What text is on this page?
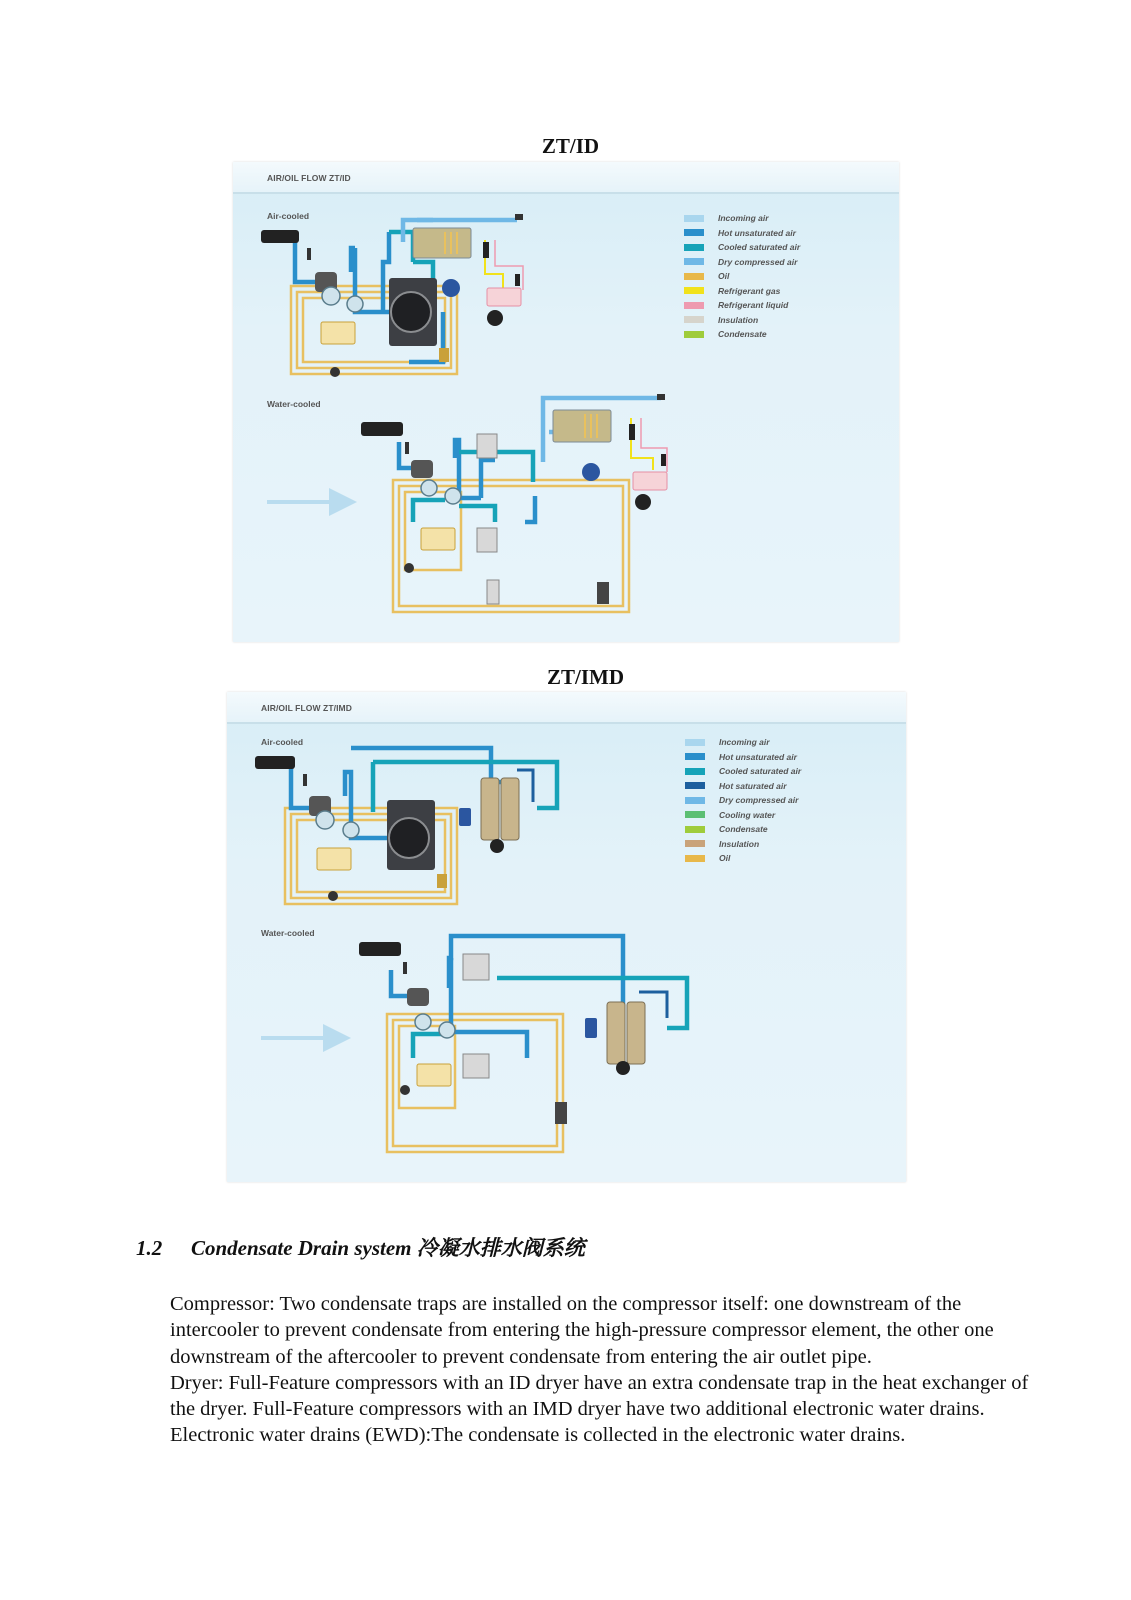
ZT/ID
AIR/OIL FLOW ZT/ID
Air-cooled
Water-cooled
Incoming air
Hot unsaturated air
Cooled saturated air
Dry compressed air
Oil
Refrigerant gas
Refrigerant liquid
Insulation
Condensate
ZT/IMD
AIR/OIL FLOW ZT/IMD
Air-cooled
Water-cooled
Incoming air
Hot unsaturated air
Cooled saturated air
Hot saturated air
Dry compressed air
Cooling water
Condensate
Insulation
Oil
1.2 Condensate Drain system 冷凝水排水阀系统

Compressor: Two condensate traps are installed on the compressor itself: one downstream of the intercooler to prevent condensate from entering the high-pressure compressor element, the other one downstream of the aftercooler to prevent condensate from entering the air outlet pipe.

Dryer: Full-Feature compressors with an ID dryer have an extra condensate trap in the heat exchanger of the dryer. Full-Feature compressors with an IMD dryer have two additional electronic water drains.

Electronic water drains (EWD):The condensate is collected in the electronic water drains.
